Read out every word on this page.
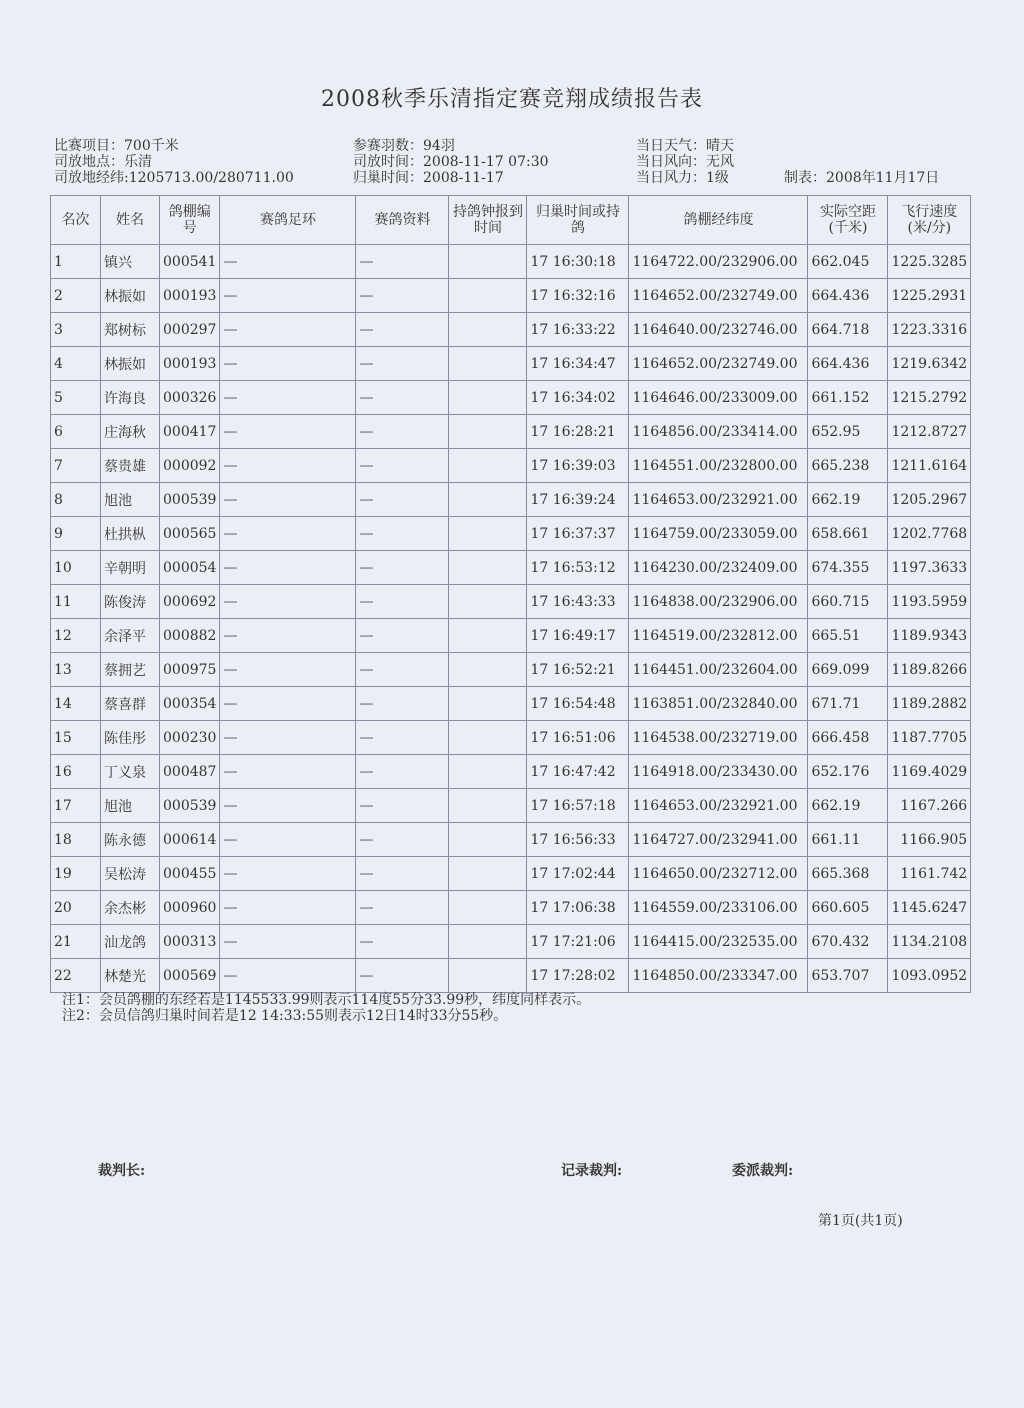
2008秋季乐清指定赛竞翔成绩报告表
比赛项目：700千米
司放地点：乐清
司放地经纬:1205713.00/280711.00
参赛羽数：94羽
司放时间：2008-11-17 07:30
归巢时间：2008-11-17
当日天气：晴天
当日风向：无风
当日风力：1级	制表：2008年11月17日
名次	姓名	鸽棚编号	赛鸽足环	赛鸽资料	持鸽钟报到时间	归巢时间或持鸽	鸽棚经纬度	实际空距(千米)	飞行速度(米/分)
1	镇兴	000541	—	—		17 16:30:18	1164722.00/232906.00	662.045	1225.3285
2	林振如	000193	—	—		17 16:32:16	1164652.00/232749.00	664.436	1225.2931
3	郑树标	000297	—	—		17 16:33:22	1164640.00/232746.00	664.718	1223.3316
4	林振如	000193	—	—		17 16:34:47	1164652.00/232749.00	664.436	1219.6342
5	许海良	000326	—	—		17 16:34:02	1164646.00/233009.00	661.152	1215.2792
6	庄海秋	000417	—	—		17 16:28:21	1164856.00/233414.00	652.95	1212.8727
7	蔡贵雄	000092	—	—		17 16:39:03	1164551.00/232800.00	665.238	1211.6164
8	旭池	000539	—	—		17 16:39:24	1164653.00/232921.00	662.19	1205.2967
9	杜拱枞	000565	—	—		17 16:37:37	1164759.00/233059.00	658.661	1202.7768
10	辛朝明	000054	—	—		17 16:53:12	1164230.00/232409.00	674.355	1197.3633
11	陈俊涛	000692	—	—		17 16:43:33	1164838.00/232906.00	660.715	1193.5959
12	余泽平	000882	—	—		17 16:49:17	1164519.00/232812.00	665.51	1189.9343
13	蔡拥艺	000975	—	—		17 16:52:21	1164451.00/232604.00	669.099	1189.8266
14	蔡喜群	000354	—	—		17 16:54:48	1163851.00/232840.00	671.71	1189.2882
15	陈佳彤	000230	—	—		17 16:51:06	1164538.00/232719.00	666.458	1187.7705
16	丁义泉	000487	—	—		17 16:47:42	1164918.00/233430.00	652.176	1169.4029
17	旭池	000539	—	—		17 16:57:18	1164653.00/232921.00	662.19	1167.266
18	陈永德	000614	—	—		17 16:56:33	1164727.00/232941.00	661.11	1166.905
19	吴松涛	000455	—	—		17 17:02:44	1164650.00/232712.00	665.368	1161.742
20	余杰彬	000960	—	—		17 17:06:38	1164559.00/233106.00	660.605	1145.6247
21	汕龙鸽	000313	—	—		17 17:21:06	1164415.00/232535.00	670.432	1134.2108
22	林楚光	000569	—	—		17 17:28:02	1164850.00/233347.00	653.707	1093.0952
注1：会员鸽棚的东经若是1145533.99则表示114度55分33.99秒，纬度同样表示。
注2：会员信鸽归巢时间若是12 14:33:55则表示12日14时33分55秒。
裁判长:	记录裁判:	委派裁判:
第1页(共1页)
